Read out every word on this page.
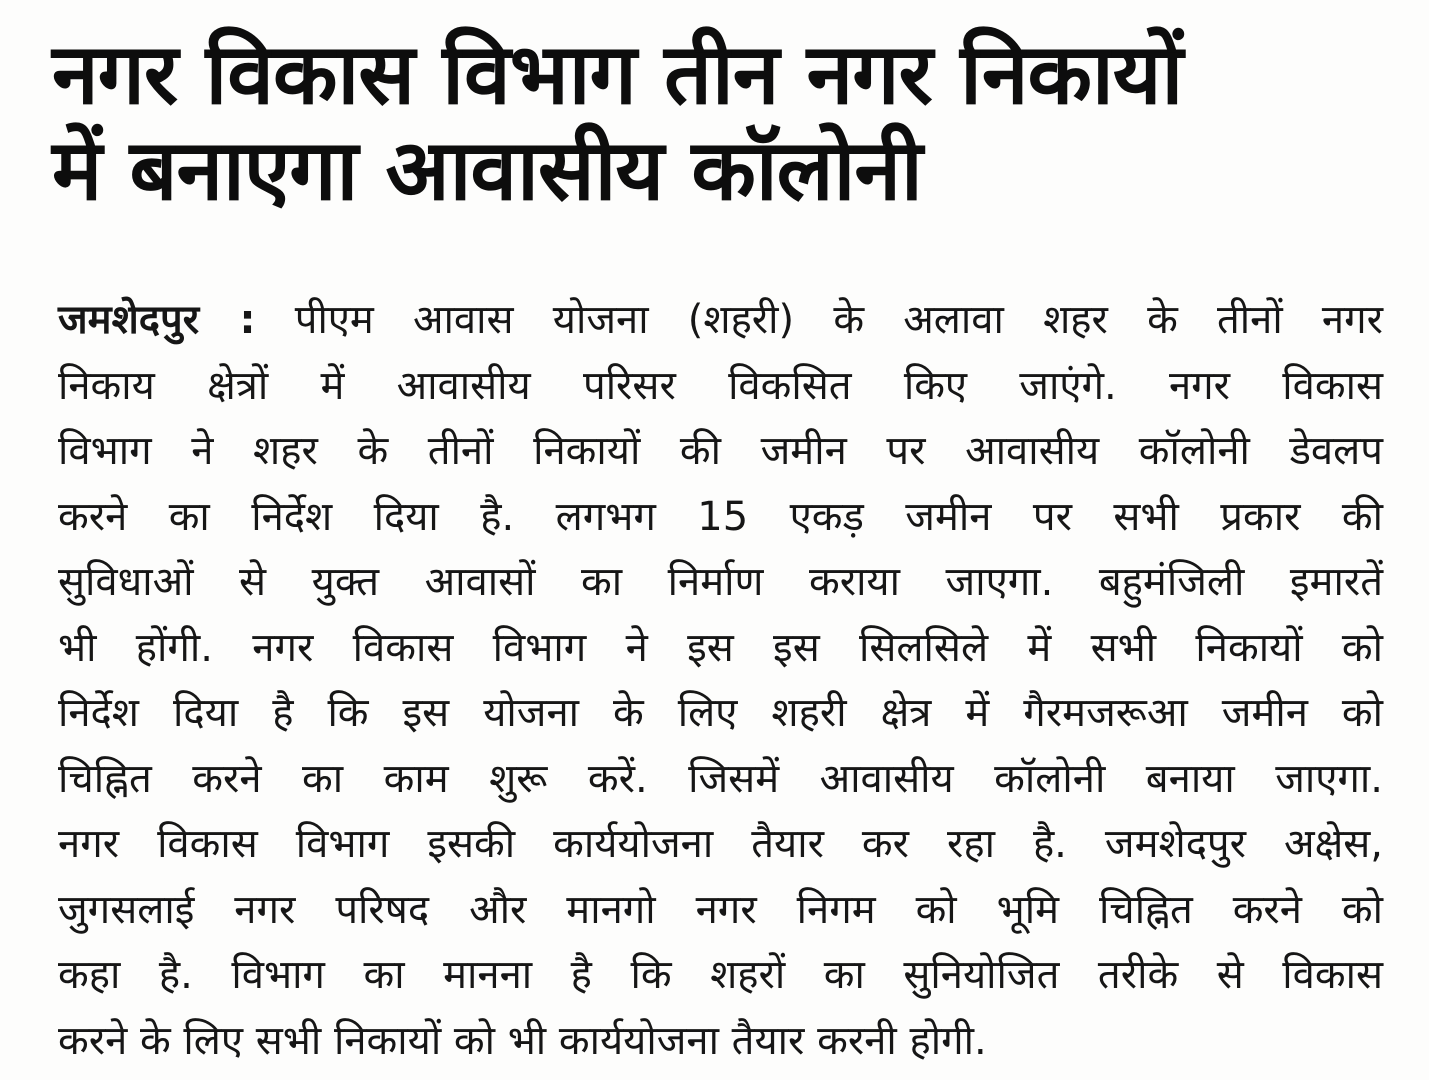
नगर विकास विभाग तीन नगर निकायों
में बनाएगा आवासीय कॉलोनी
जमशेदपुर : पीएम आवास योजना (शहरी) के अलावा शहर के तीनों नगर
निकाय क्षेत्रों में आवासीय परिसर विकसित किए जाएंगे. नगर विकास
विभाग ने शहर के तीनों निकायों की जमीन पर आवासीय कॉलोनी डेवलप
करने का निर्देश दिया है. लगभग 15 एकड़ जमीन पर सभी प्रकार की
सुविधाओं से युक्त आवासों का निर्माण कराया जाएगा. बहुमंजिली इमारतें
भी होंगी. नगर विकास विभाग ने इस इस सिलसिले में सभी निकायों को
निर्देश दिया है कि इस योजना के लिए शहरी क्षेत्र में गैरमजरूआ जमीन को
चिह्नित करने का काम शुरू करें. जिसमें आवासीय कॉलोनी बनाया जाएगा.
नगर विकास विभाग इसकी कार्ययोजना तैयार कर रहा है. जमशेदपुर अक्षेस,
जुगसलाई नगर परिषद और मानगो नगर निगम को भूमि चिह्नित करने को
कहा है. विभाग का मानना है कि शहरों का सुनियोजित तरीके से विकास
करने के लिए सभी निकायों को भी कार्ययोजना तैयार करनी होगी.
